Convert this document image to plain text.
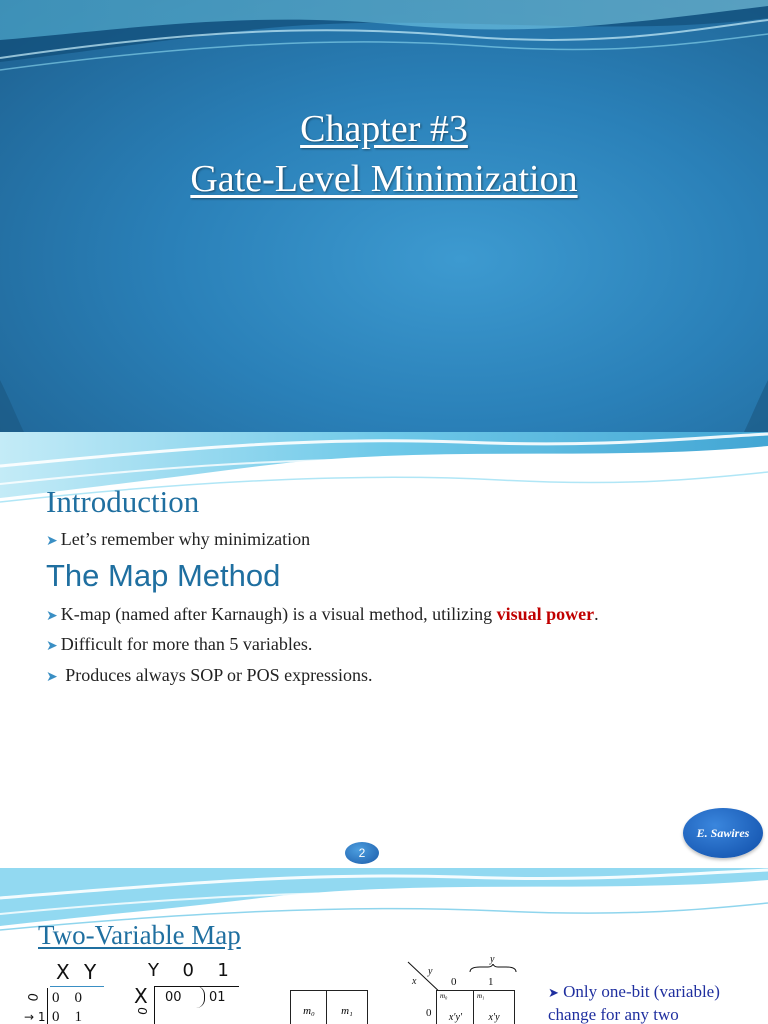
Chapter #3
Gate-Level Minimization
Introduction
➤ Let’s remember why minimization
The Map Method
➤ K-map (named after Karnaugh) is a visual method, utilizing visual power.
➤ Difficult for more than 5 variables.
➤ Produces always SOP or POS expressions.
E. Sawires
2
Two-Variable Map
X Y
0
→ 1
0    0
0    1
Y  0  1
X
0
00 01
m₀	m₁
y
x
y
0	1
0
m₀
x′y′
m₁
x′y
➤ Only one-bit (variable) change for any two
